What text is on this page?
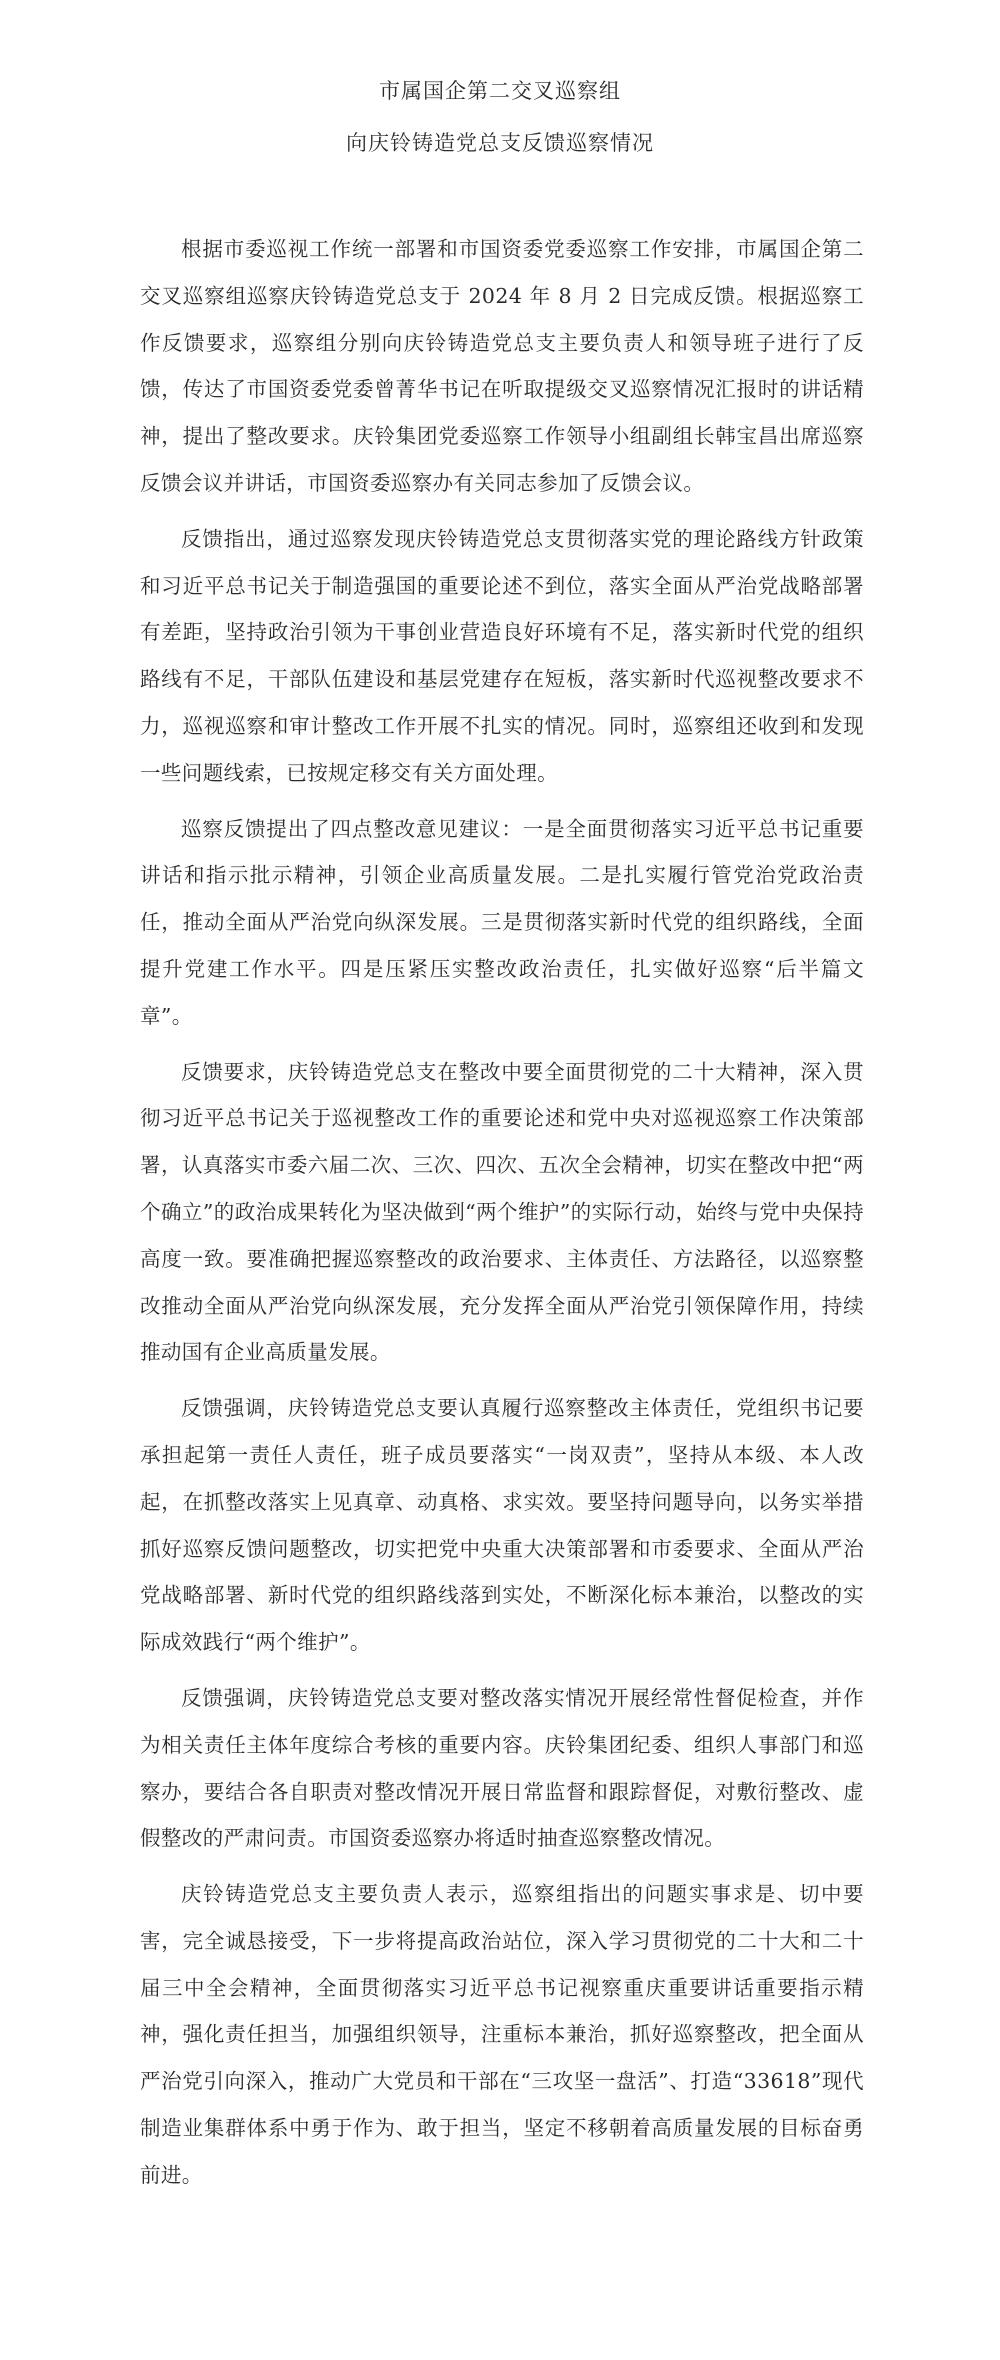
市属国企第二交叉巡察组
向庆铃铸造党总支反馈巡察情况

根据市委巡视工作统一部署和市国资委党委巡察工作安排，市属国企第二交叉巡察组巡察庆铃铸造党总支于 2024 年 8 月 2 日完成反馈。根据巡察工作反馈要求，巡察组分别向庆铃铸造党总支主要负责人和领导班子进行了反馈，传达了市国资委党委曾菁华书记在听取提级交叉巡察情况汇报时的讲话精神，提出了整改要求。庆铃集团党委巡察工作领导小组副组长韩宝昌出席巡察反馈会议并讲话，市国资委巡察办有关同志参加了反馈会议。

反馈指出，通过巡察发现庆铃铸造党总支贯彻落实党的理论路线方针政策和习近平总书记关于制造强国的重要论述不到位，落实全面从严治党战略部署有差距，坚持政治引领为干事创业营造良好环境有不足，落实新时代党的组织路线有不足，干部队伍建设和基层党建存在短板，落实新时代巡视整改要求不力，巡视巡察和审计整改工作开展不扎实的情况。同时，巡察组还收到和发现一些问题线索，已按规定移交有关方面处理。

巡察反馈提出了四点整改意见建议：一是全面贯彻落实习近平总书记重要讲话和指示批示精神，引领企业高质量发展。二是扎实履行管党治党政治责任，推动全面从严治党向纵深发展。三是贯彻落实新时代党的组织路线，全面提升党建工作水平。四是压紧压实整改政治责任，扎实做好巡察“后半篇文章”。

反馈要求，庆铃铸造党总支在整改中要全面贯彻党的二十大精神，深入贯彻习近平总书记关于巡视整改工作的重要论述和党中央对巡视巡察工作决策部署，认真落实市委六届二次、三次、四次、五次全会精神，切实在整改中把“两个确立”的政治成果转化为坚决做到“两个维护”的实际行动，始终与党中央保持高度一致。要准确把握巡察整改的政治要求、主体责任、方法路径，以巡察整改推动全面从严治党向纵深发展，充分发挥全面从严治党引领保障作用，持续推动国有企业高质量发展。

反馈强调，庆铃铸造党总支要认真履行巡察整改主体责任，党组织书记要承担起第一责任人责任，班子成员要落实“一岗双责”，坚持从本级、本人改起，在抓整改落实上见真章、动真格、求实效。要坚持问题导向，以务实举措抓好巡察反馈问题整改，切实把党中央重大决策部署和市委要求、全面从严治党战略部署、新时代党的组织路线落到实处，不断深化标本兼治，以整改的实际成效践行“两个维护”。

反馈强调，庆铃铸造党总支要对整改落实情况开展经常性督促检查，并作为相关责任主体年度综合考核的重要内容。庆铃集团纪委、组织人事部门和巡察办，要结合各自职责对整改情况开展日常监督和跟踪督促，对敷衍整改、虚假整改的严肃问责。市国资委巡察办将适时抽查巡察整改情况。

庆铃铸造党总支主要负责人表示，巡察组指出的问题实事求是、切中要害，完全诚恳接受，下一步将提高政治站位，深入学习贯彻党的二十大和二十届三中全会精神，全面贯彻落实习近平总书记视察重庆重要讲话重要指示精神，强化责任担当，加强组织领导，注重标本兼治，抓好巡察整改，把全面从严治党引向深入，推动广大党员和干部在“三攻坚一盘活”、打造“33618”现代制造业集群体系中勇于作为、敢于担当，坚定不移朝着高质量发展的目标奋勇前进。
